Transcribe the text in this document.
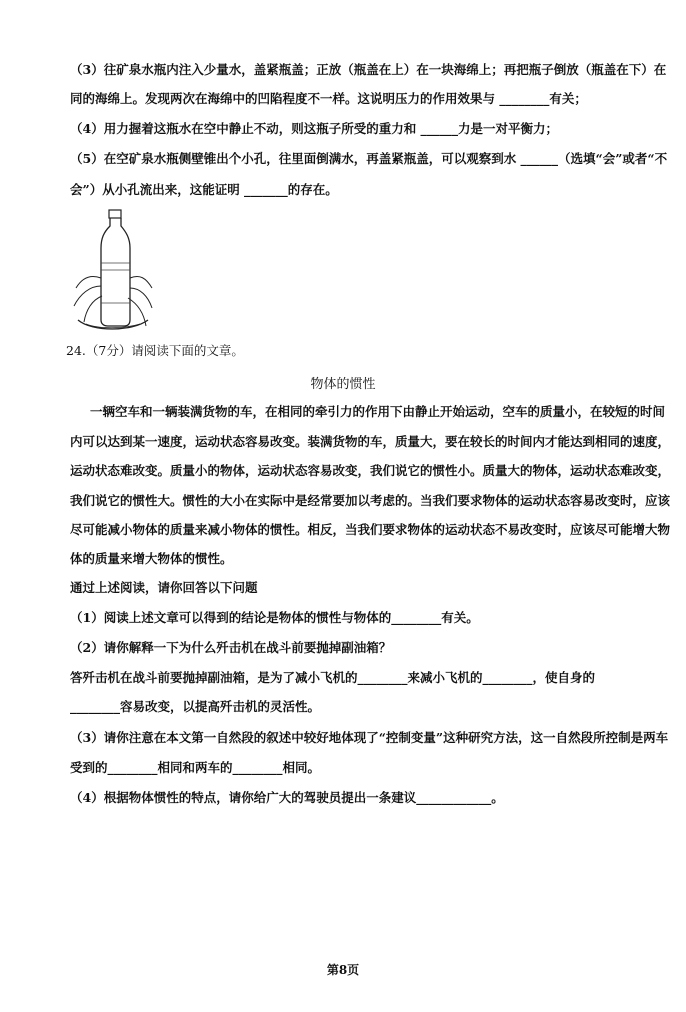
（3）往矿泉水瓶内注入少量水，盖紧瓶盖；正放（瓶盖在上）在一块海绵上；再把瓶子倒放（瓶盖在下）在
同的海绵上。发现两次在海绵中的凹陷程度不一样。这说明压力的作用效果与 ________有关；
（4）用力握着这瓶水在空中静止不动，则这瓶子所受的重力和 ______力是一对平衡力；
（5）在空矿泉水瓶侧壁锥出个小孔，往里面倒满水，再盖紧瓶盖，可以观察到水 ______（选填“会”或者“不
会”）从小孔流出来，这能证明 _______的存在。
24.（7分）请阅读下面的文章。
物体的惯性
一辆空车和一辆装满货物的车，在相同的牵引力的作用下由静止开始运动，空车的质量小，在较短的时间
内可以达到某一速度，运动状态容易改变。装满货物的车，质量大，要在较长的时间内才能达到相同的速度，
运动状态难改变。质量小的物体，运动状态容易改变，我们说它的惯性小。质量大的物体，运动状态难改变，
我们说它的惯性大。惯性的大小在实际中是经常要加以考虑的。当我们要求物体的运动状态容易改变时，应该
尽可能减小物体的质量来减小物体的惯性。相反，当我们要求物体的运动状态不易改变时，应该尽可能增大物
体的质量来增大物体的惯性。
通过上述阅读，请你回答以下问题
（1）阅读上述文章可以得到的结论是物体的惯性与物体的________有关。
（2）请你解释一下为什么歼击机在战斗前要抛掉副油箱？
答歼击机在战斗前要抛掉副油箱，是为了减小飞机的________来减小飞机的________，使自身的
________容易改变，以提高歼击机的灵活性。
（3）请你注意在本文第一自然段的叙述中较好地体现了“控制变量”这种研究方法，这一自然段所控制是两车
受到的________相同和两车的________相同。
（4）根据物体惯性的特点，请你给广大的驾驶员提出一条建议____________。
第8页
